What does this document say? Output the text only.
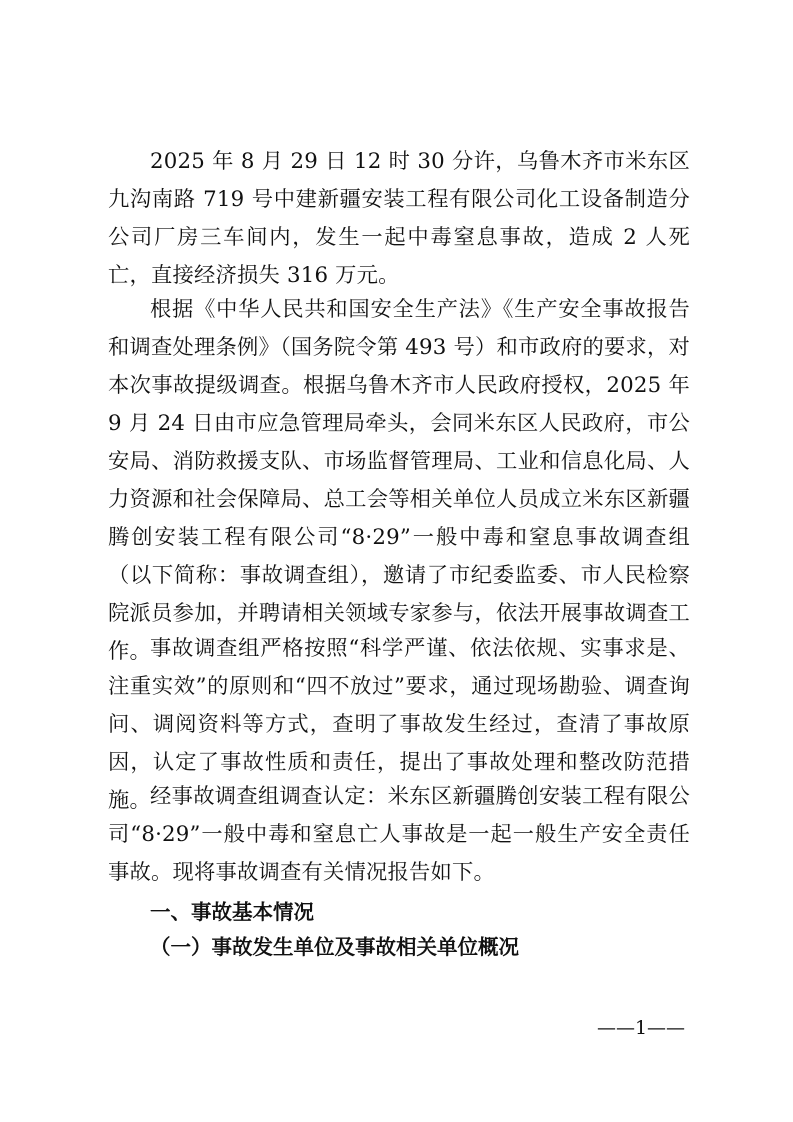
2025 年 8 月 29 日 12 时 30 分许，乌鲁木齐市米东区九沟南路 719 号中建新疆安装工程有限公司化工设备制造分公司厂房三车间内，发生一起中毒窒息事故，造成 2 人死亡，直接经济损失 316 万元。

根据《中华人民共和国安全生产法》《生产安全事故报告和调查处理条例》（国务院令第 493 号）和市政府的要求，对本次事故提级调查。根据乌鲁木齐市人民政府授权，2025 年 9 月 24 日由市应急管理局牵头，会同米东区人民政府，市公安局、消防救援支队、市场监督管理局、工业和信息化局、人力资源和社会保障局、总工会等相关单位人员成立米东区新疆腾创安装工程有限公司“8·29”一般中毒和窒息事故调查组（以下简称：事故调查组），邀请了市纪委监委、市人民检察院派员参加，并聘请相关领域专家参与，依法开展事故调查工作。 事故调查组严格按照“科学严谨、依法依规、实事求是、注重实效”的原则和“四不放过”要求，通过现场勘验、调查询问、调阅资料等方式，查明了事故发生经过，查清了事故原因，认定了事故性质和责任，提出了事故处理和整改防范措施。 经事故调查组调查认定：米东区新疆腾创安装工程有限公司“8·29”一般中毒和窒息亡人事故是一起一般生产安全责任事故。现将事故调查有关情况报告如下。

一、事故基本情况
（一）事故发生单位及事故相关单位概况
——1——
